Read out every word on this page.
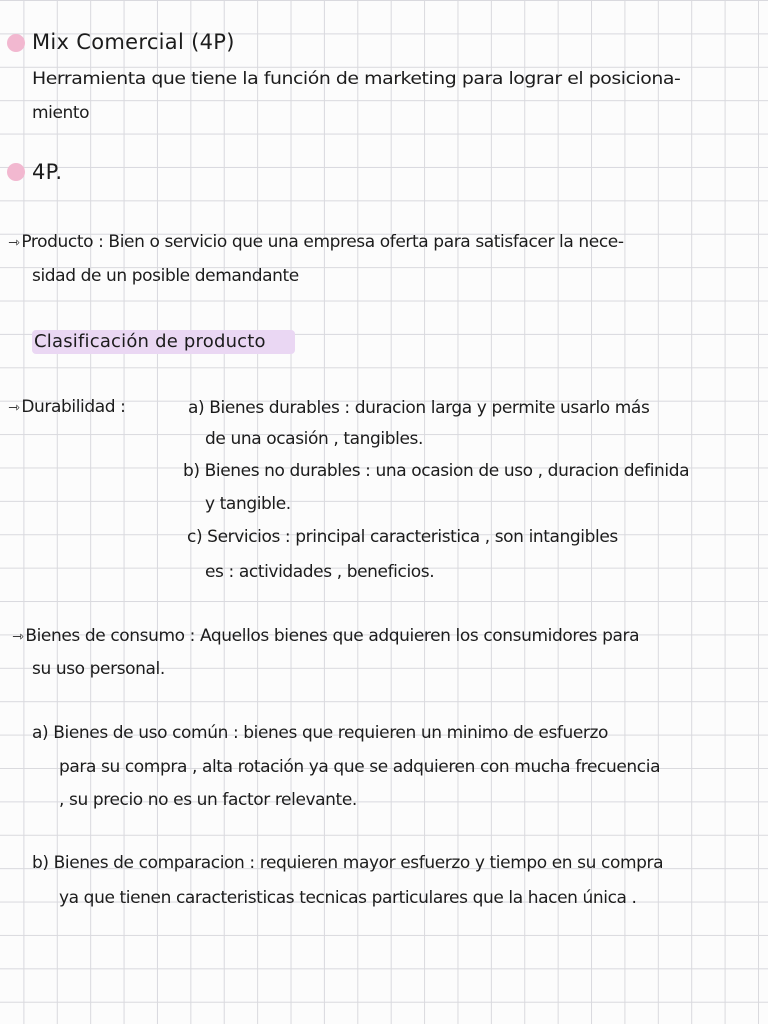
Mix Comercial (4P)
Herramienta que tiene la función de marketing para lograr el posiciona-
miento
4P.
⇾ Producto : Bien o servicio que una empresa oferta para satisfacer la nece-
sidad de un posible demandante
Clasificación de producto
⇾ Durabilidad :	a) Bienes durables : duracion larga y permite usarlo más
de una ocasión , tangibles.
b) Bienes no durables : una ocasion de uso , duracion definida
y tangible.
c) Servicios : principal caracteristica , son intangibles
es : actividades , beneficios.
⇾ Bienes de consumo : Aquellos bienes que adquieren los consumidores para
su uso personal.
a) Bienes de uso común : bienes que requieren un minimo de esfuerzo
para su compra , alta rotación ya que se adquieren con mucha frecuencia
, su precio no es un factor relevante.
b) Bienes de comparacion : requieren mayor esfuerzo y tiempo en su compra
ya que tienen caracteristicas tecnicas particulares que la hacen única .
